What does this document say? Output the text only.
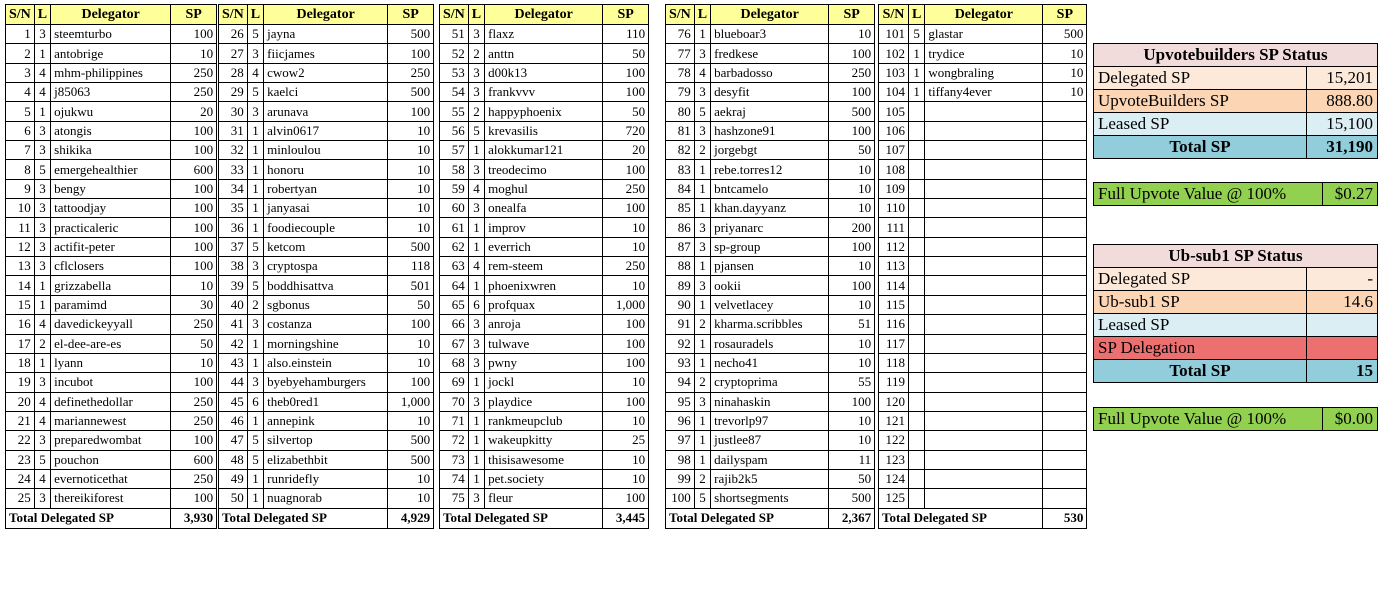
S/N	L	Delegator	SP
1	3	steemturbo	100
2	1	antobrige	10
3	4	mhm-philippines	250
4	4	j85063	250
5	1	ojukwu	20
6	3	atongis	100
7	3	shikika	100
8	5	emergehealthier	600
9	3	bengy	100
10	3	tattoodjay	100
11	3	practicaleric	100
12	3	actifit-peter	100
13	3	cflclosers	100
14	1	grizzabella	10
15	1	paramimd	30
16	4	davedickeyyall	250
17	2	el-dee-are-es	50
18	1	lyann	10
19	3	incubot	100
20	4	definethedollar	250
21	4	mariannewest	250
22	3	preparedwombat	100
23	5	pouchon	600
24	4	evernoticethat	250
25	3	thereikiforest	100
Total Delegated SP			3,930
S/N	L	Delegator	SP
26	5	jayna	500
27	3	fiicjames	100
28	4	cwow2	250
29	5	kaelci	500
30	3	arunava	100
31	1	alvin0617	10
32	1	minloulou	10
33	1	honoru	10
34	1	robertyan	10
35	1	janyasai	10
36	1	foodiecouple	10
37	5	ketcom	500
38	3	cryptospa	118
39	5	boddhisattva	501
40	2	sgbonus	50
41	3	costanza	100
42	1	morningshine	10
43	1	also.einstein	10
44	3	byebyehamburgers	100
45	6	theb0red1	1,000
46	1	annepink	10
47	5	silvertop	500
48	5	elizabethbit	500
49	1	runridefly	10
50	1	nuagnorab	10
Total Delegated SP			4,929
S/N	L	Delegator	SP
51	3	flaxz	110
52	2	anttn	50
53	3	d00k13	100
54	3	frankvvv	100
55	2	happyphoenix	50
56	5	krevasilis	720
57	1	alokkumar121	20
58	3	treodecimo	100
59	4	moghul	250
60	3	onealfa	100
61	1	improv	10
62	1	everrich	10
63	4	rem-steem	250
64	1	phoenixwren	10
65	6	profquax	1,000
66	3	anroja	100
67	3	tulwave	100
68	3	pwny	100
69	1	jockl	10
70	3	playdice	100
71	1	rankmeupclub	10
72	1	wakeupkitty	25
73	1	thisisawesome	10
74	1	pet.society	10
75	3	fleur	100
Total Delegated SP			3,445
S/N	L	Delegator	SP
76	1	blueboar3	10
77	3	fredkese	100
78	4	barbadosso	250
79	3	desyfit	100
80	5	aekraj	500
81	3	hashzone91	100
82	2	jorgebgt	50
83	1	rebe.torres12	10
84	1	bntcamelo	10
85	1	khan.dayyanz	10
86	3	priyanarc	200
87	3	sp-group	100
88	1	pjansen	10
89	3	ookii	100
90	1	velvetlacey	10
91	2	kharma.scribbles	51
92	1	rosauradels	10
93	1	necho41	10
94	2	cryptoprima	55
95	3	ninahaskin	100
96	1	trevorlp97	10
97	1	justlee87	10
98	1	dailyspam	11
99	2	rajib2k5	50
100	5	shortsegments	500
Total Delegated SP			2,367
S/N	L	Delegator	SP
101	5	glastar	500
102	1	trydice	10
103	1	wongbraling	10
104	1	tiffany4ever	10
105			
106			
107			
108			
109			
110			
111			
112			
113			
114			
115			
116			
117			
118			
119			
120			
121			
122			
123			
124			
125			
Total Delegated SP			530
Upvotebuilders SP Status	
Delegated SP	15,201
UpvoteBuilders SP	888.80
Leased SP	15,100
Total SP	31,190
Full Upvote Value @ 100%	$0.27
Ub-sub1 SP Status	
Delegated SP	-
Ub-sub1 SP	14.6
Leased SP	
SP Delegation	
Total SP	15
Full Upvote Value @ 100%	$0.00
